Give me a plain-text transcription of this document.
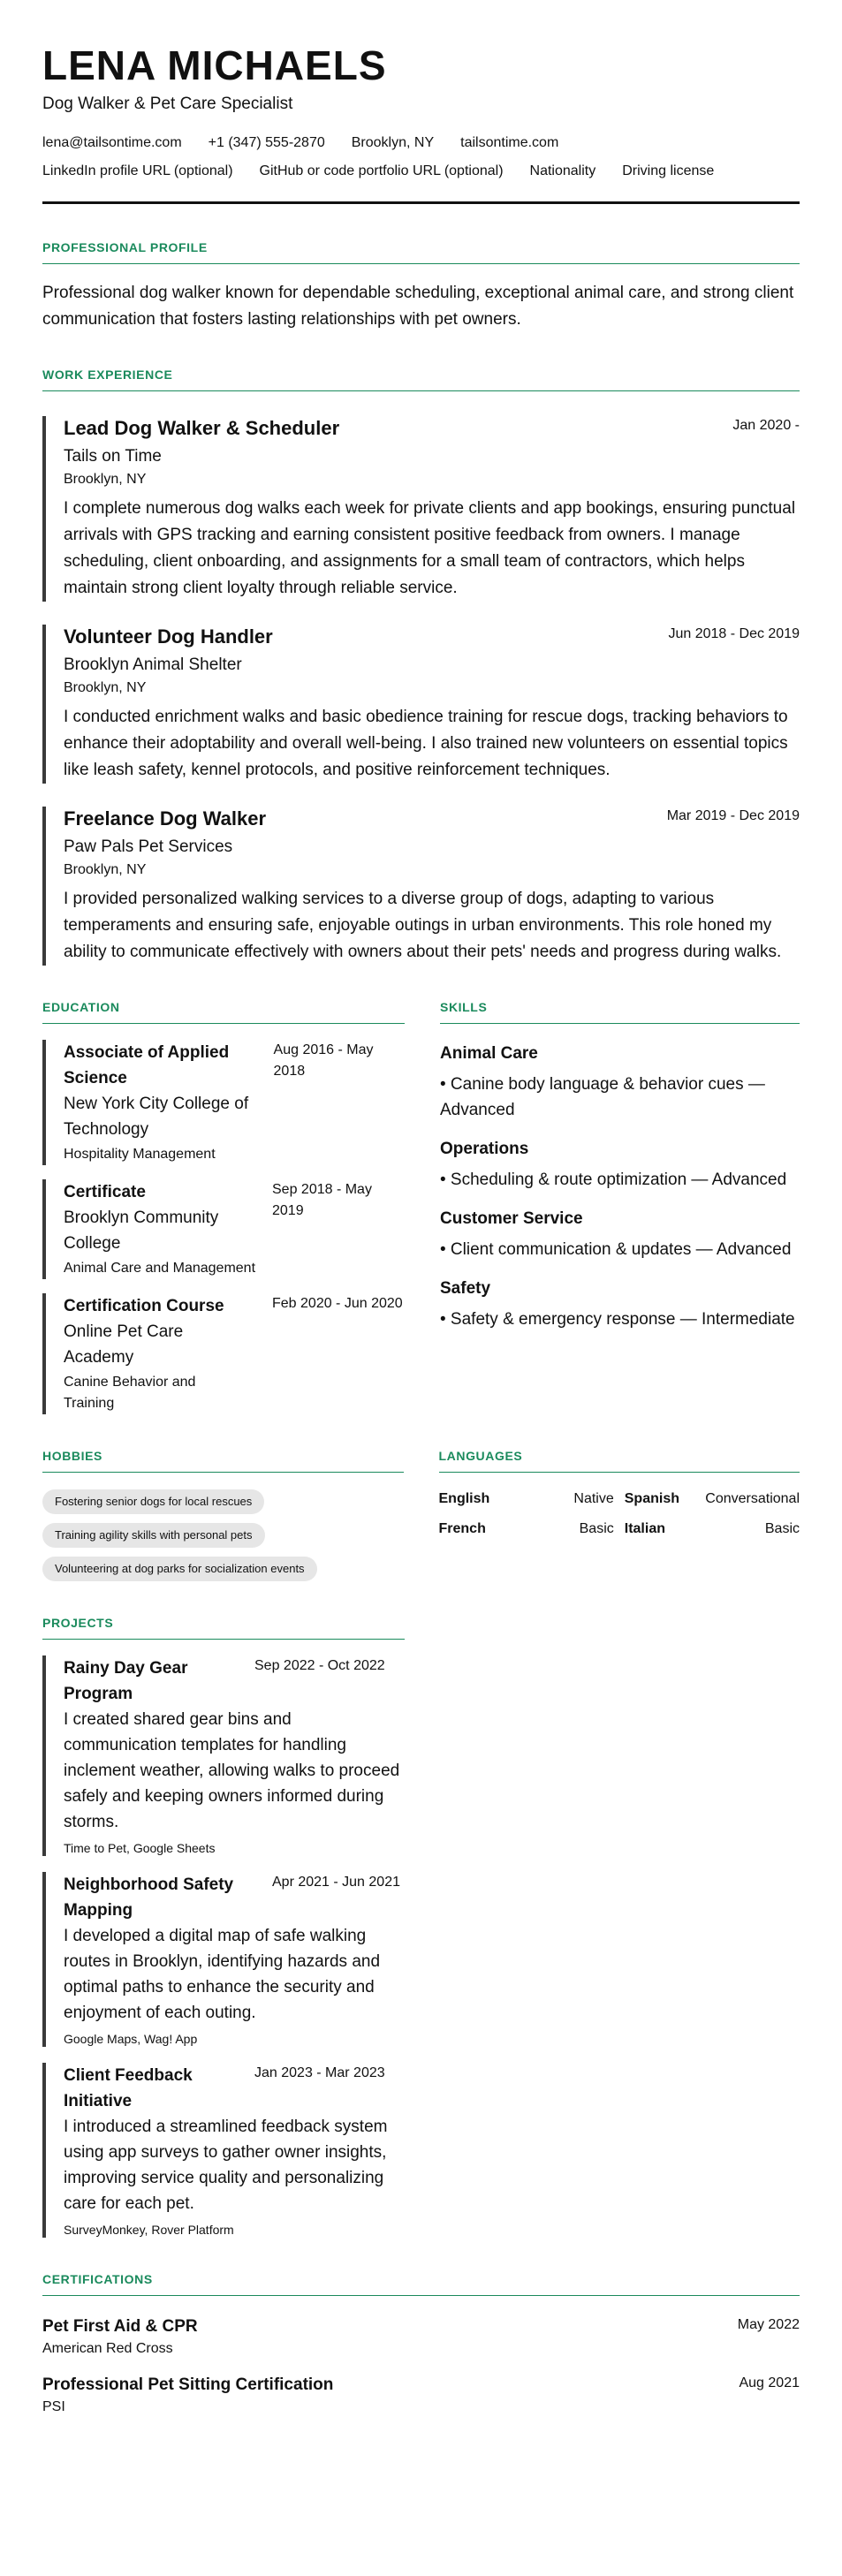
LENA MICHAELS
Dog Walker & Pet Care Specialist
lena@tailsontime.com +1 (347) 555-2870 Brooklyn, NY tailsontime.com
LinkedIn profile URL (optional) GitHub or code portfolio URL (optional) Nationality Driving license
PROFESSIONAL PROFILE
Professional dog walker known for dependable scheduling, exceptional animal care, and strong client communication that fosters lasting relationships with pet owners.
WORK EXPERIENCE
Lead Dog Walker & Scheduler	Jan 2020 -
Tails on Time
Brooklyn, NY
I complete numerous dog walks each week for private clients and app bookings, ensuring punctual arrivals with GPS tracking and earning consistent positive feedback from owners. I manage scheduling, client onboarding, and assignments for a small team of contractors, which helps maintain strong client loyalty through reliable service.
Volunteer Dog Handler	Jun 2018 - Dec 2019
Brooklyn Animal Shelter
Brooklyn, NY
I conducted enrichment walks and basic obedience training for rescue dogs, tracking behaviors to enhance their adoptability and overall well-being. I also trained new volunteers on essential topics like leash safety, kennel protocols, and positive reinforcement techniques.
Freelance Dog Walker	Mar 2019 - Dec 2019
Paw Pals Pet Services
Brooklyn, NY
I provided personalized walking services to a diverse group of dogs, adapting to various temperaments and ensuring safe, enjoyable outings in urban environments. This role honed my ability to communicate effectively with owners about their pets' needs and progress during walks.
EDUCATION
Associate of Applied Science
New York City College of Technology
Hospitality Management
Aug 2016 - May 2018
Certificate
Brooklyn Community College
Animal Care and Management
Sep 2018 - May 2019
Certification Course
Online Pet Care Academy
Canine Behavior and Training
Feb 2020 - Jun 2020
SKILLS
Animal Care
• Canine body language & behavior cues — Advanced
Operations
• Scheduling & route optimization — Advanced
Customer Service
• Client communication & updates — Advanced
Safety
• Safety & emergency response — Intermediate
HOBBIES
Fostering senior dogs for local rescues
Training agility skills with personal pets
Volunteering at dog parks for socialization events
LANGUAGES
English	Native Spanish Conversational
French	Basic Italian	Basic
PROJECTS
Rainy Day Gear Program
Sep 2022 - Oct 2022
I created shared gear bins and communication templates for handling inclement weather, allowing walks to proceed safely and keeping owners informed during storms.
Time to Pet, Google Sheets
Neighborhood Safety Mapping
Apr 2021 - Jun 2021
I developed a digital map of safe walking routes in Brooklyn, identifying hazards and optimal paths to enhance the security and enjoyment of each outing.
Google Maps, Wag! App
Client Feedback Initiative
Jan 2023 - Mar 2023
I introduced a streamlined feedback system using app surveys to gather owner insights, improving service quality and personalizing care for each pet.
SurveyMonkey, Rover Platform
CERTIFICATIONS
Pet First Aid & CPR
American Red Cross
May 2022
Professional Pet Sitting Certification
PSI
Aug 2021
